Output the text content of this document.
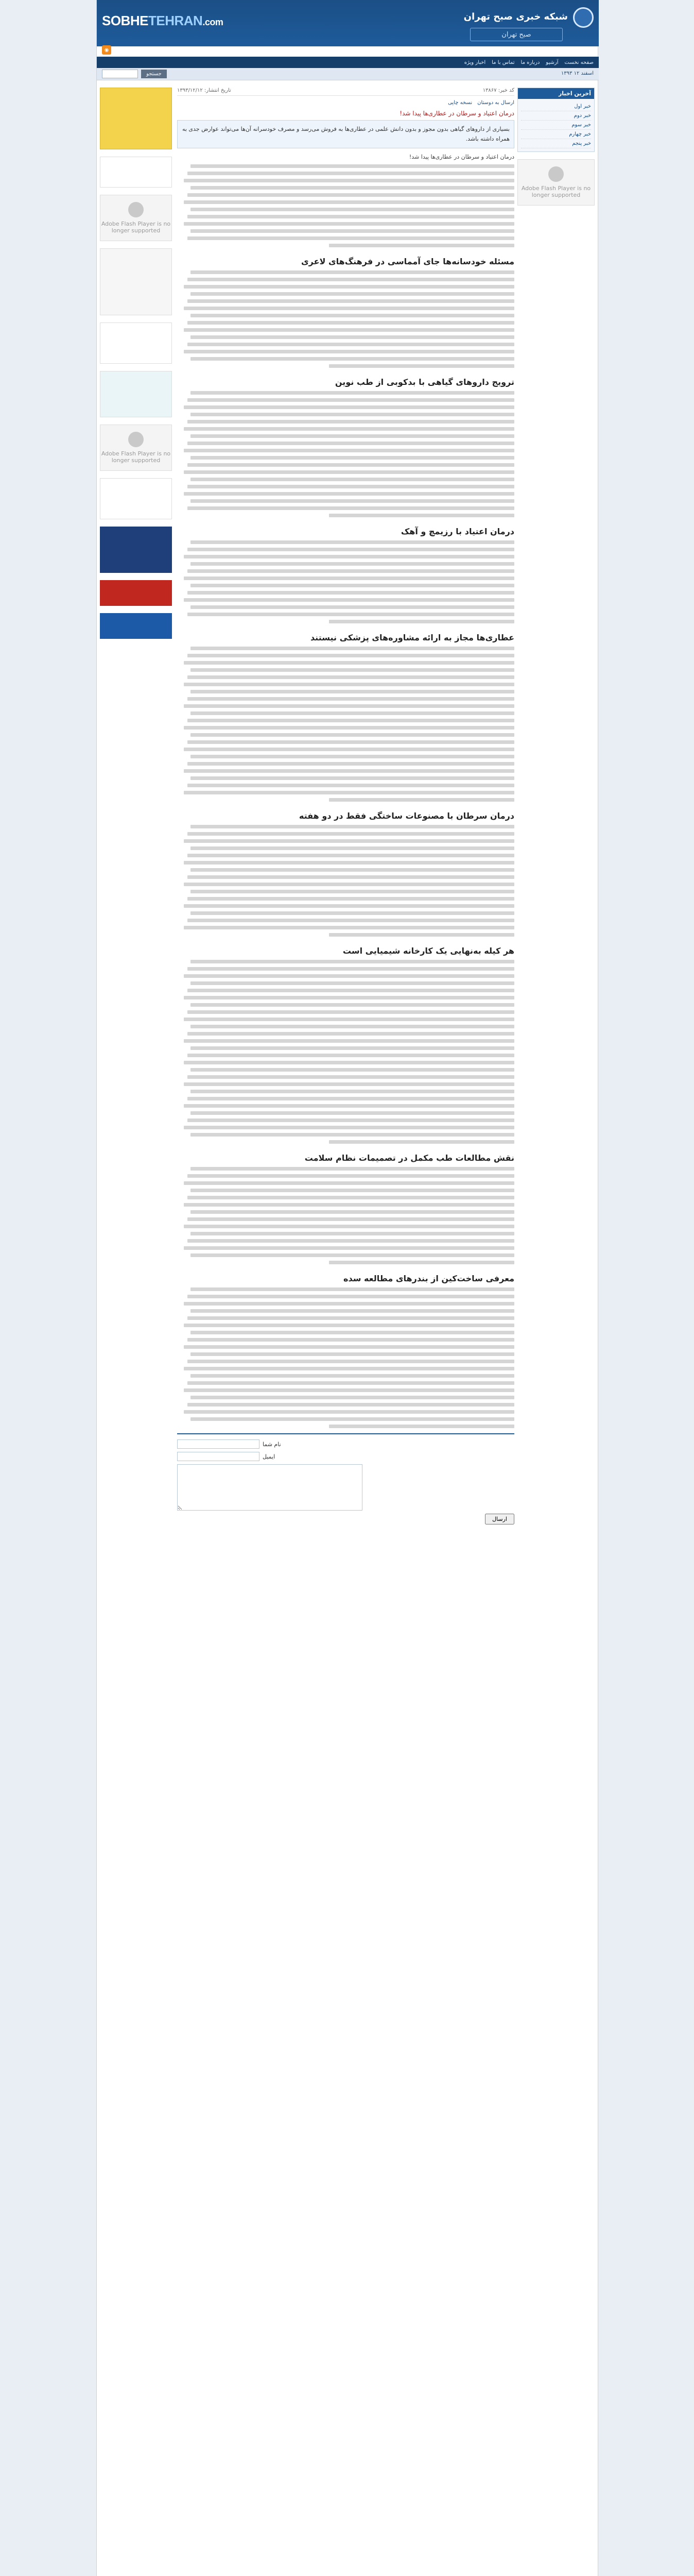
SOBHETEHRAN.com	شبکه خبری صبح تهران
صبح تهران
◉
اخبار ویژه تماس با ما درباره ما آرشیو صفحه نخست
جستجو	۱۳۹۳ اسفند ۱۲
Adobe Flash Player is no longer supported
Adobe Flash Player is no longer supported
آخرین اخبار
خبر اول
خبر دوم
خبر سوم
خبر چهارم
خبر پنجم
Adobe Flash Player is no longer supported
کد خبر: ۱۳۸۶۷
تاریخ انتشار: ۱۳۹۳/۱۲/۱۲
ارسال به دوستان
نسخه چاپی
درمان اعتیاد و سرطان در عطاری‌ها پیدا شد!
بسیاری از داروهای گیاهی بدون مجوز و بدون دانش علمی در عطاری‌ها به فروش می‌رسد و مصرف خودسرانه آن‌ها می‌تواند عوارض جدی به همراه داشته باشد.
درمان اعتیاد و سرطان در عطاری‌ها پیدا شد!
مسئله خودسانه‌ها جای آمماسی در فرهنگ‌های لاعری
ترویج داروهای گیاهی با بدکوبی از طب نوین
درمان اعتیاد با رزیمچ و آهک
عطاری‌ها مجاز به ارائه مشاوره‌های پزشکی نیستند
درمان سرطان با مصنوعات ساختگی فقط در دو هفته
هر کیله به‌نهایی یک کارخانه شیمیایی است
نقش مطالعات طب مکمل در تصمیمات نظام سلامت
معرفی ساخت‌کین از بندرهای مطالعه سده
نام شما
ایمیل
ارسال
